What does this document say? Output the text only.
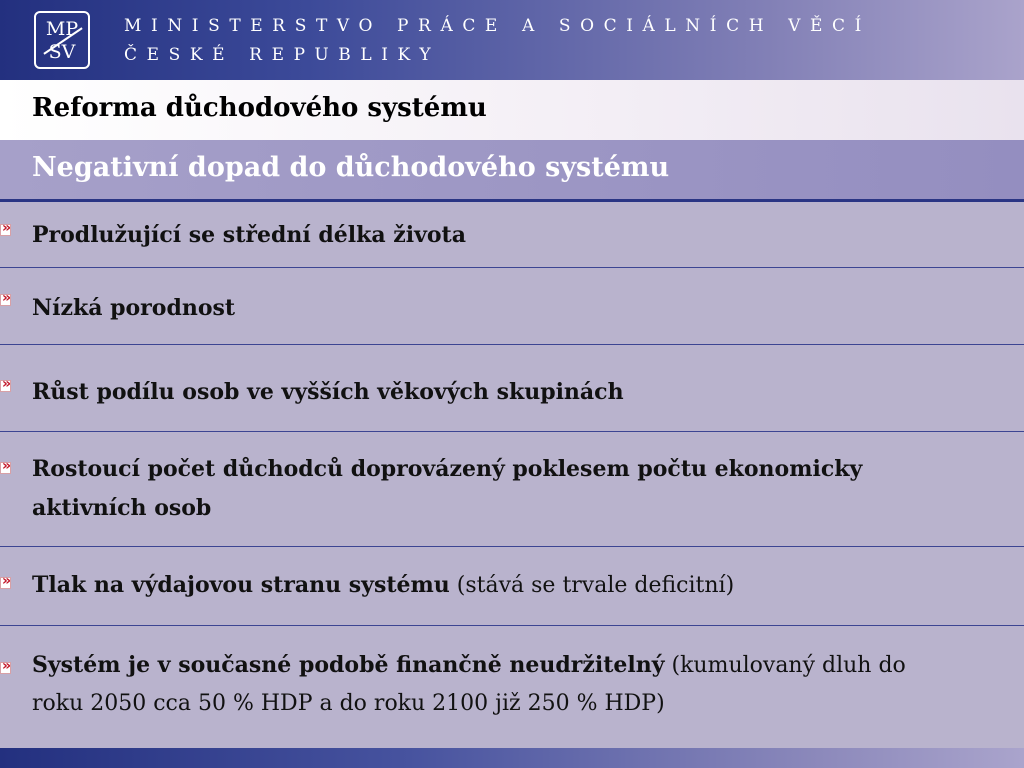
MP
SV
MINISTERSTVO PRÁCE A SOCIÁLNÍCH VĚCÍ
ČESKÉ REPUBLIKY
Reforma důchodového systému
Negativní dopad do důchodového systému
»
Prodlužující se střední délka života
»
Nízká porodnost
»
Růst podílu osob ve vyšších věkových skupinách
»
Rostoucí počet důchodců doprovázený poklesem počtu ekonomicky aktivních osob
»
Tlak na výdajovou stranu systému (stává se trvale deficitní)
»
Systém je v současné podobě finančně neudržitelný (kumulovaný dluh do roku 2050 cca 50 % HDP a do roku 2100 již 250 % HDP)
